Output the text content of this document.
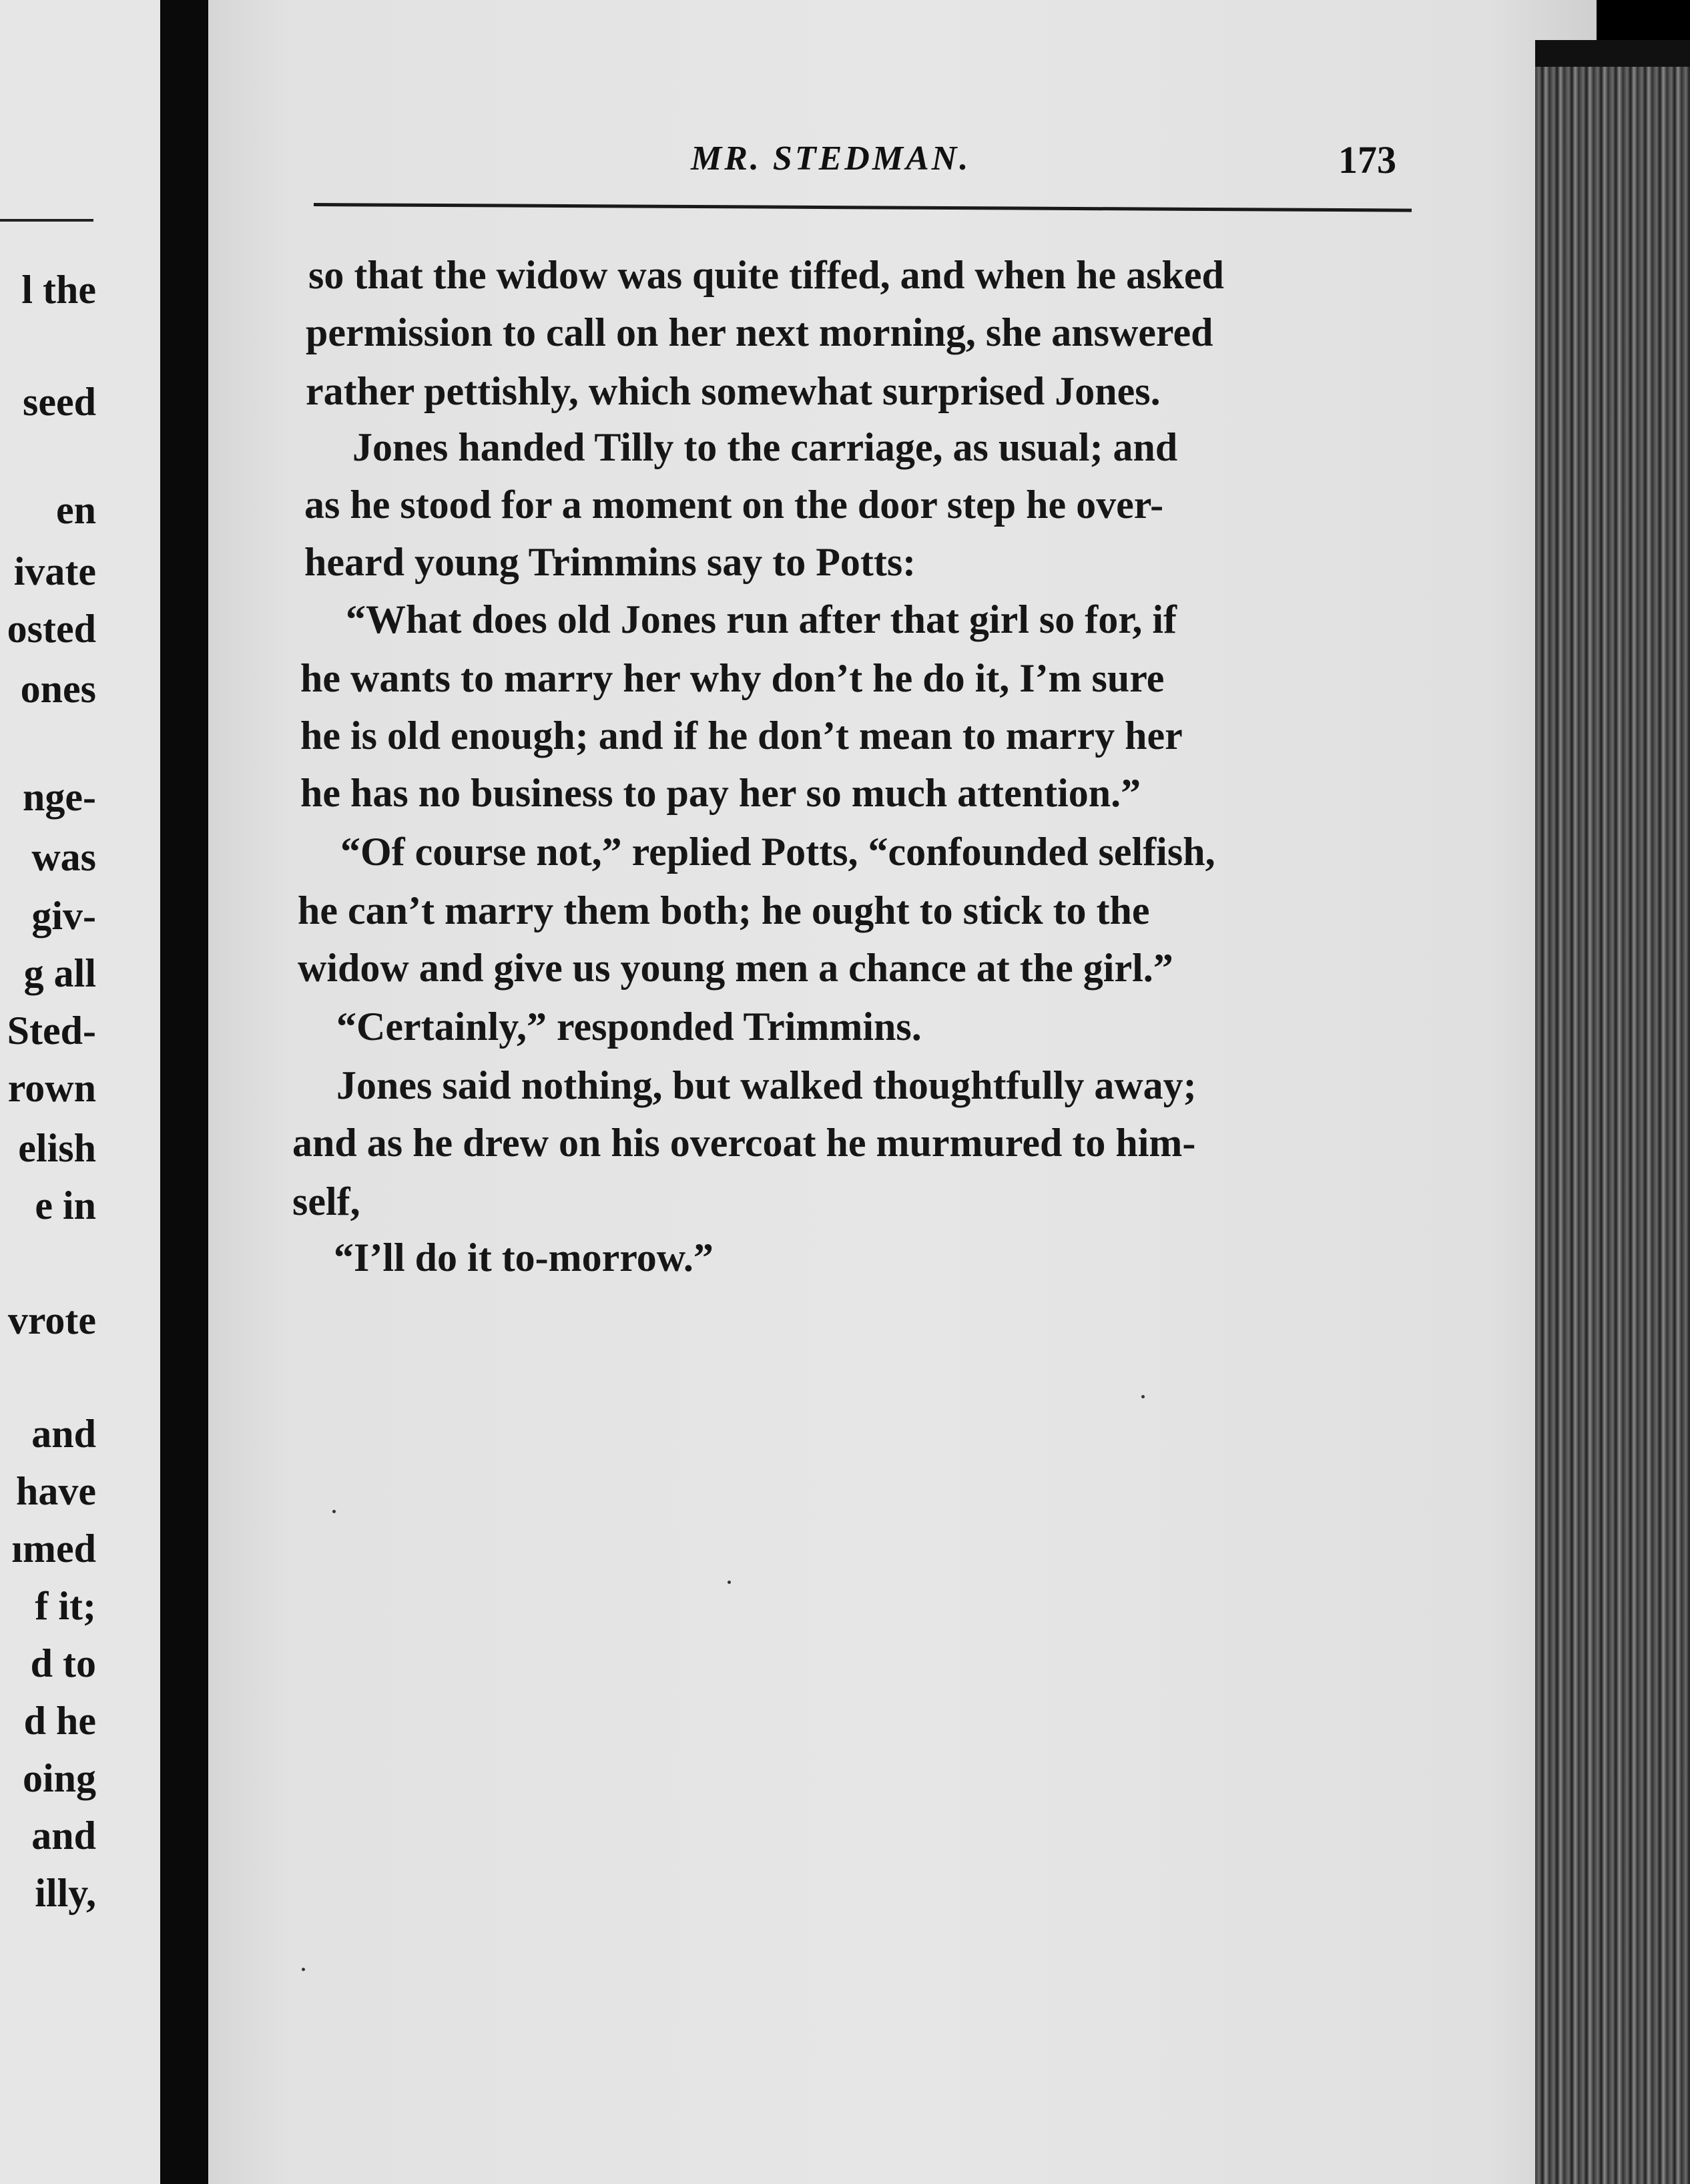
l the
seed
en
ivate
osted
ones
nge-
was
giv-
g all
Sted-
rown
elish
e in
vrote
and
have
ımed
f it;
d to
d he
oing
and
illy,
MR. STEDMAN.	173
so that the widow was quite tiffed, and when he asked
permission to call on her next morning, she answered
rather pettishly, which somewhat surprised Jones.
Jones handed Tilly to the carriage, as usual; and
as he stood for a moment on the door step he over-
heard young Trimmins say to Potts:
“What does old Jones run after that girl so for, if
he wants to marry her why don’t he do it, I’m sure
he is old enough; and if he don’t mean to marry her
he has no business to pay her so much attention.”
“Of course not,” replied Potts, “confounded selfish,
he can’t marry them both; he ought to stick to the
widow and give us young men a chance at the girl.”
“Certainly,” responded Trimmins.
Jones said nothing, but walked thoughtfully away;
and as he drew on his overcoat he murmured to him-
self,
“I’ll do it to-morrow.”
